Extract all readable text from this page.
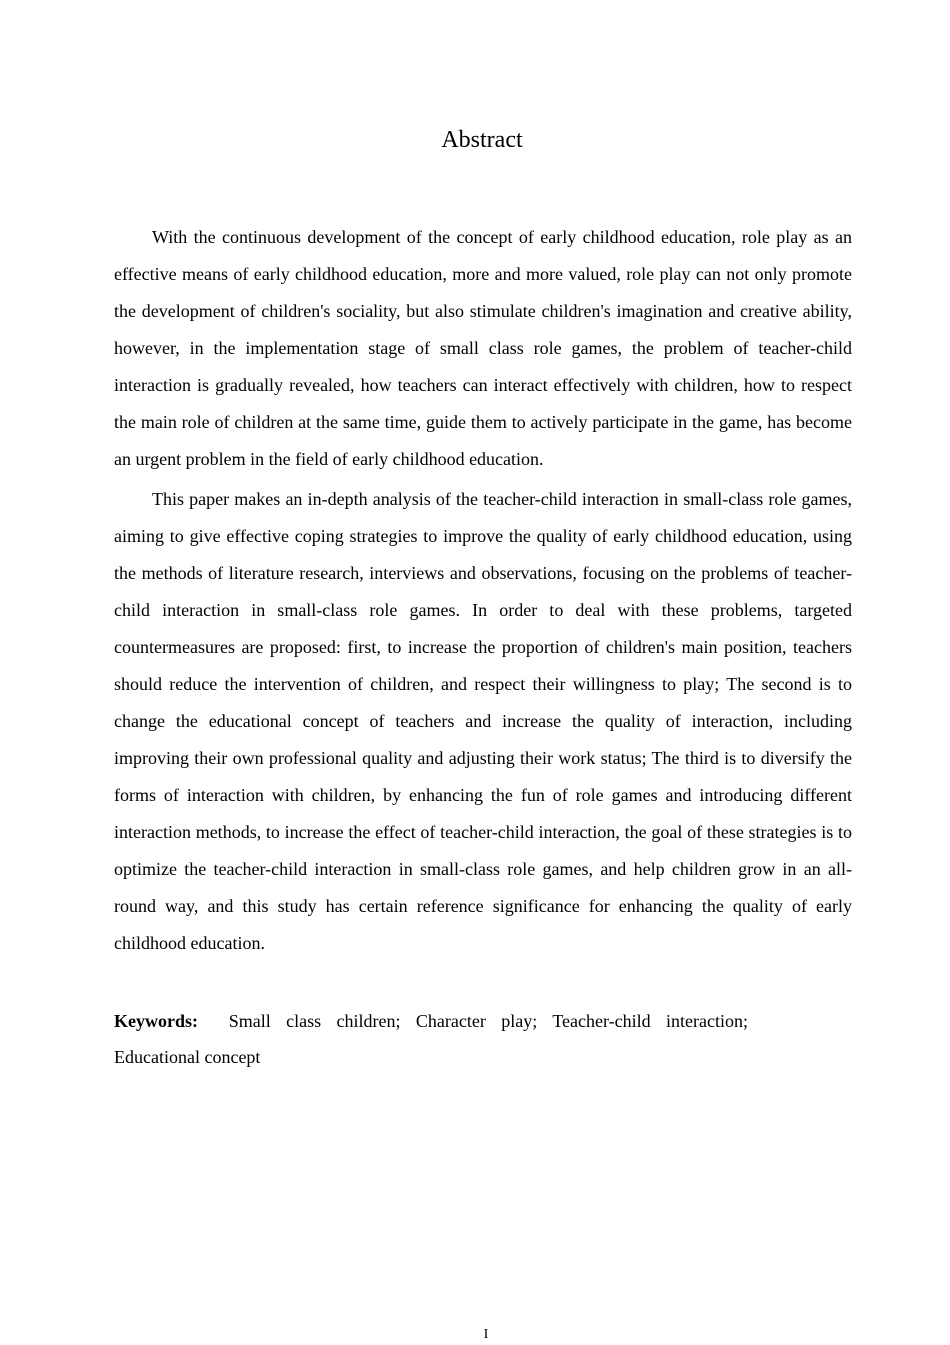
Abstract

With the continuous development of the concept of early childhood education, role play as an effective means of early childhood education, more and more valued, role play can not only promote the development of children's sociality, but also stimulate children's imagination and creative ability, however, in the implementation stage of small class role games, the problem of teacher-child interaction is gradually revealed, how teachers can interact effectively with children, how to respect the main role of children at the same time, guide them to actively participate in the game, has become an urgent problem in the field of early childhood education.

This paper makes an in-depth analysis of the teacher-child interaction in small-class role games, aiming to give effective coping strategies to improve the quality of early childhood education, using the methods of literature research, interviews and observations, focusing on the problems of teacher-child interaction in small-class role games. In order to deal with these problems, targeted countermeasures are proposed: first, to increase the proportion of children's main position, teachers should reduce the intervention of children, and respect their willingness to play; The second is to change the educational concept of teachers and increase the quality of interaction, including improving their own professional quality and adjusting their work status; The third is to diversify the forms of interaction with children, by enhancing the fun of role games and introducing different interaction methods, to increase the effect of teacher-child interaction, the goal of these strategies is to optimize the teacher-child interaction in small-class role games, and help children grow in an all-round way, and this study has certain reference significance for enhancing the quality of early childhood education.

Keywords: Small class children; Character play; Teacher-child interaction; Educational concept

I
